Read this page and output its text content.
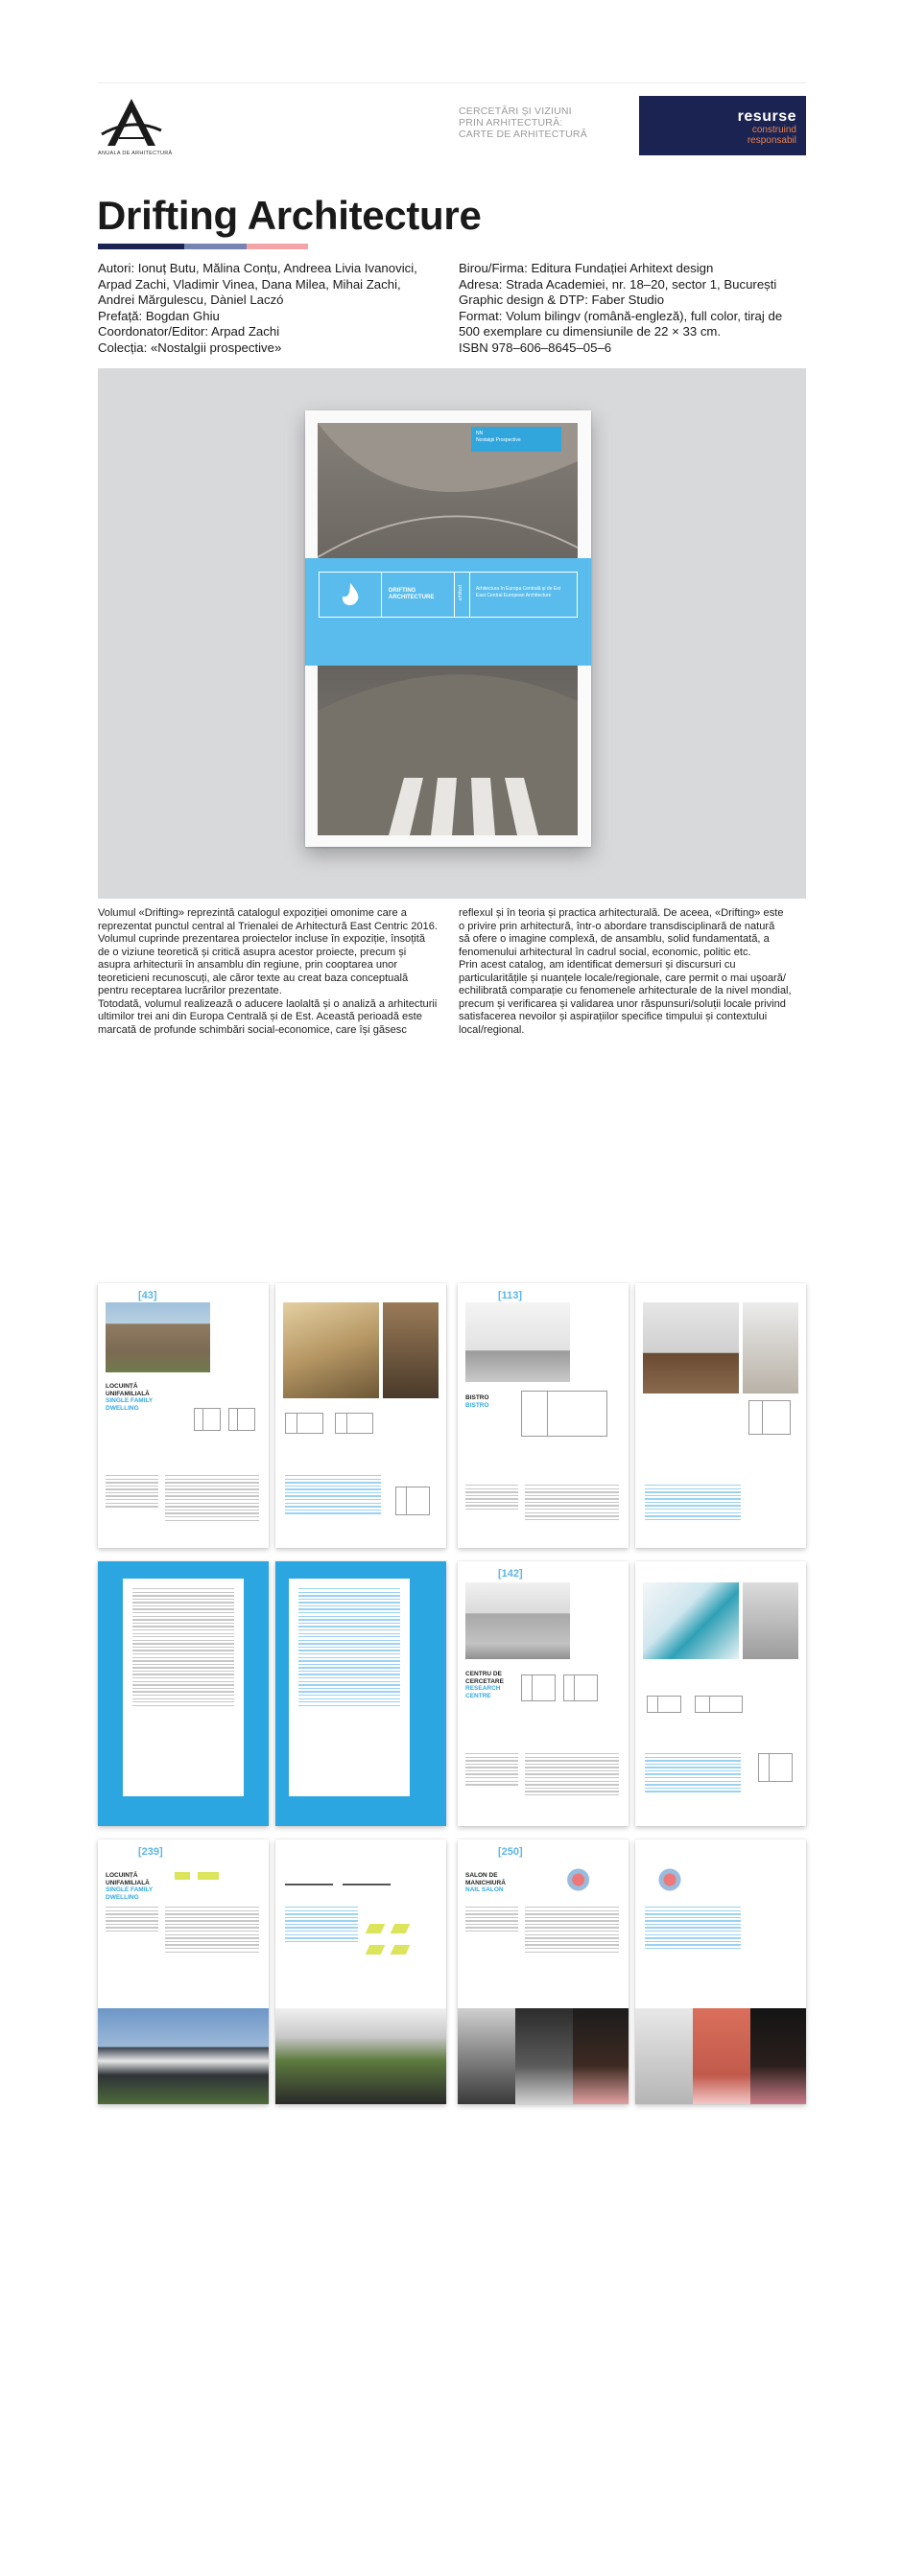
ANUALA DE ARHITECTURĂ
CERCETĂRI ȘI VIZIUNI
PRIN ARHITECTURĂ:
CARTE DE ARHITECTURĂ
resurse
construind
responsabil
Drifting Architecture
Autori: Ionuț Butu, Mălina Conțu, Andreea Livia Ivanovici,
Arpad Zachi, Vladimir Vinea, Dana Milea, Mihai Zachi,
Andrei Mărgulescu, Dàniel Laczó
Prefață: Bogdan Ghiu
Coordonator/Editor: Arpad Zachi
Colecția: «Nostalgii prospective»
Birou/Firma: Editura Fundației Arhitext design
Adresa: Strada Academiei, nr. 18–20, sector 1, București
Graphic design & DTP: Faber Studio
Format: Volum bilingv (română-engleză), full color, tiraj de
500 exemplare cu dimensiunile de 22 × 33 cm.
ISBN 978–606–8645–05–6
NN
Nostalgii Prospective
DRIFTING
ARCHITECTURE	arhitext	Arhitectura în Europa Centrală și de Est
East Central European Architecture

Volumul «Drifting» reprezintă catalogul expoziției omonime care a

reprezentat punctul central al Trienalei de Arhitectură East Centric 2016.

Volumul cuprinde prezentarea proiectelor incluse în expoziție, însoțită

de o viziune teoretică și critică asupra acestor proiecte, precum și

asupra arhitecturii în ansamblu din regiune, prin cooptarea unor

teoreticieni recunoscuți, ale căror texte au creat baza conceptuală

pentru receptarea lucrărilor prezentate.

Totodată, volumul realizează o aducere laolaltă și o analiză a arhitecturii

ultimilor trei ani din Europa Centrală și de Est. Această perioadă este

marcată de profunde schimbări social-economice, care își găsesc

reflexul și în teoria și practica arhitecturală. De aceea, «Drifting» este

o privire prin arhitectură, într-o abordare transdisciplinară de natură

să ofere o imagine complexă, de ansamblu, solid fundamentată, a

fenomenului arhitectural în cadrul social, economic, politic etc.

Prin acest catalog, am identificat demersuri și discursuri cu

particularitățile și nuanțele locale/regionale, care permit o mai ușoară/

echilibrată comparație cu fenomenele arhitecturale de la nivel mondial,

precum și verificarea și validarea unor răspunsuri/soluții locale privind

satisfacerea nevoilor și aspirațiilor specifice timpului și contextului

local/regional.

[43]
LOCUINȚĂ
UNIFAMILIALĂ
SINGLE FAMILY
DWELLING
[113]
BISTRO
BISTRO
[142]
CENTRU DE
CERCETARE
RESEARCH
CENTRE
[239]
LOCUINȚĂ
UNIFAMILIALĂ
SINGLE FAMILY
DWELLING
[250]
SALON DE
MANICHIURĂ
NAIL SALON
